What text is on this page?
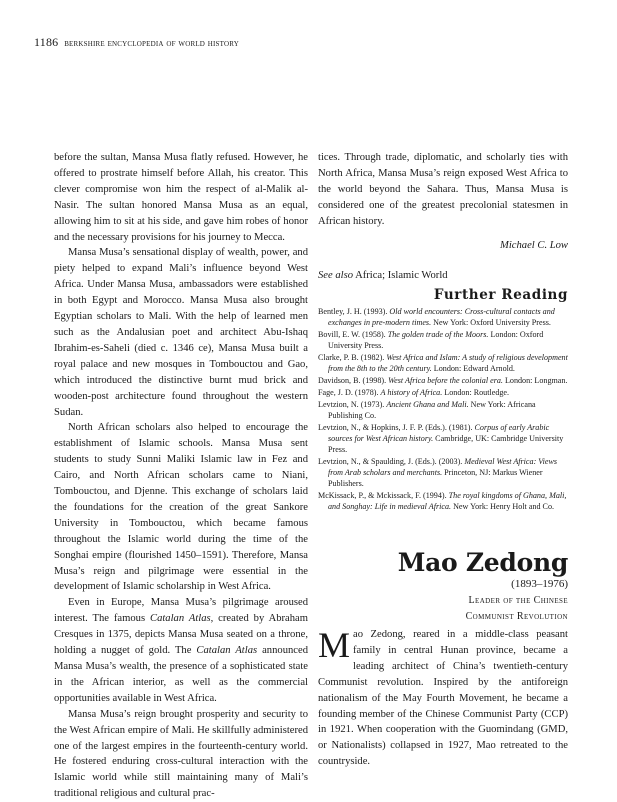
1186 berkshire encyclopedia of world history

before the sultan, Mansa Musa flatly refused. However, he offered to prostrate himself before Allah, his creator. This clever compromise won him the respect of al-Malik al-Nasir. The sultan honored Mansa Musa as an equal, allowing him to sit at his side, and gave him robes of honor and the necessary provisions for his journey to Mecca.

Mansa Musa’s sensational display of wealth, power, and piety helped to expand Mali’s influence beyond West Africa. Under Mansa Musa, ambassadors were established in both Egypt and Morocco. Mansa Musa also brought Egyptian scholars to Mali. With the help of learned men such as the Andalusian poet and architect Abu-Ishaq Ibrahim-es-Saheli (died c. 1346 ce), Mansa Musa built a royal palace and new mosques in Tombouctou and Gao, which introduced the distinctive burnt mud brick and wooden-post architecture found throughout the western Sudan.

North African scholars also helped to encourage the establishment of Islamic schools. Mansa Musa sent students to study Sunni Maliki Islamic law in Fez and Cairo, and North African scholars came to Niani, Tombouctou, and Djenne. This exchange of scholars laid the foundations for the creation of the great Sankore University in Tombouctou, which became famous throughout the Islamic world during the time of the Songhai empire (flourished 1450–1591). Therefore, Mansa Musa’s reign and pilgrimage were essential in the development of Islamic scholarship in West Africa.

Even in Europe, Mansa Musa’s pilgrimage aroused interest. The famous Catalan Atlas, created by Abraham Cresques in 1375, depicts Mansa Musa seated on a throne, holding a nugget of gold. The Catalan Atlas announced Mansa Musa’s wealth, the presence of a sophisticated state in the African interior, as well as the commercial opportunities available in West Africa.

Mansa Musa’s reign brought prosperity and security to the West African empire of Mali. He skillfully administered one of the largest empires in the fourteenth-century world. He fostered enduring cross-cultural interaction with the Islamic world while still maintaining many of Mali’s traditional religious and cultural prac-

tices. Through trade, diplomatic, and scholarly ties with North Africa, Mansa Musa’s reign exposed West Africa to the world beyond the Sahara. Thus, Mansa Musa is considered one of the greatest precolonial statesmen in African history.

Michael C. Low

See also Africa; Islamic World

Further Reading

Bentley, J. H. (1993). Old world encounters: Cross-cultural contacts and exchanges in pre-modern times. New York: Oxford University Press.

Bovill, E. W. (1958). The golden trade of the Moors. London: Oxford University Press.

Clarke, P. B. (1982). West Africa and Islam: A study of religious development from the 8th to the 20th century. London: Edward Arnold.

Davidson, B. (1998). West Africa before the colonial era. London: Longman.

Fage, J. D. (1978). A history of Africa. London: Routledge.

Levtzion, N. (1973). Ancient Ghana and Mali. New York: Africana Publishing Co.

Levtzion, N., & Hopkins, J. F. P. (Eds.). (1981). Corpus of early Arabic sources for West African history. Cambridge, UK: Cambridge University Press.

Levtzion, N., & Spaulding, J. (Eds.). (2003). Medieval West Africa: Views from Arab scholars and merchants. Princeton, NJ: Markus Wiener Publishers.

McKissack, P., & Mckissack, F. (1994). The royal kingdoms of Ghana, Mali, and Songhay: Life in medieval Africa. New York: Henry Holt and Co.

Mao Zedong
(1893–1976)
Leader of the Chinese
Communist Revolution

Mao Zedong, reared in a middle-class peasant family in central Hunan province, became a leading architect of China’s twentieth-century Communist revolution. Inspired by the antiforeign nationalism of the May Fourth Movement, he became a founding member of the Chinese Communist Party (CCP) in 1921. When cooperation with the Guomindang (GMD, or Nationalists) collapsed in 1927, Mao retreated to the countryside.
